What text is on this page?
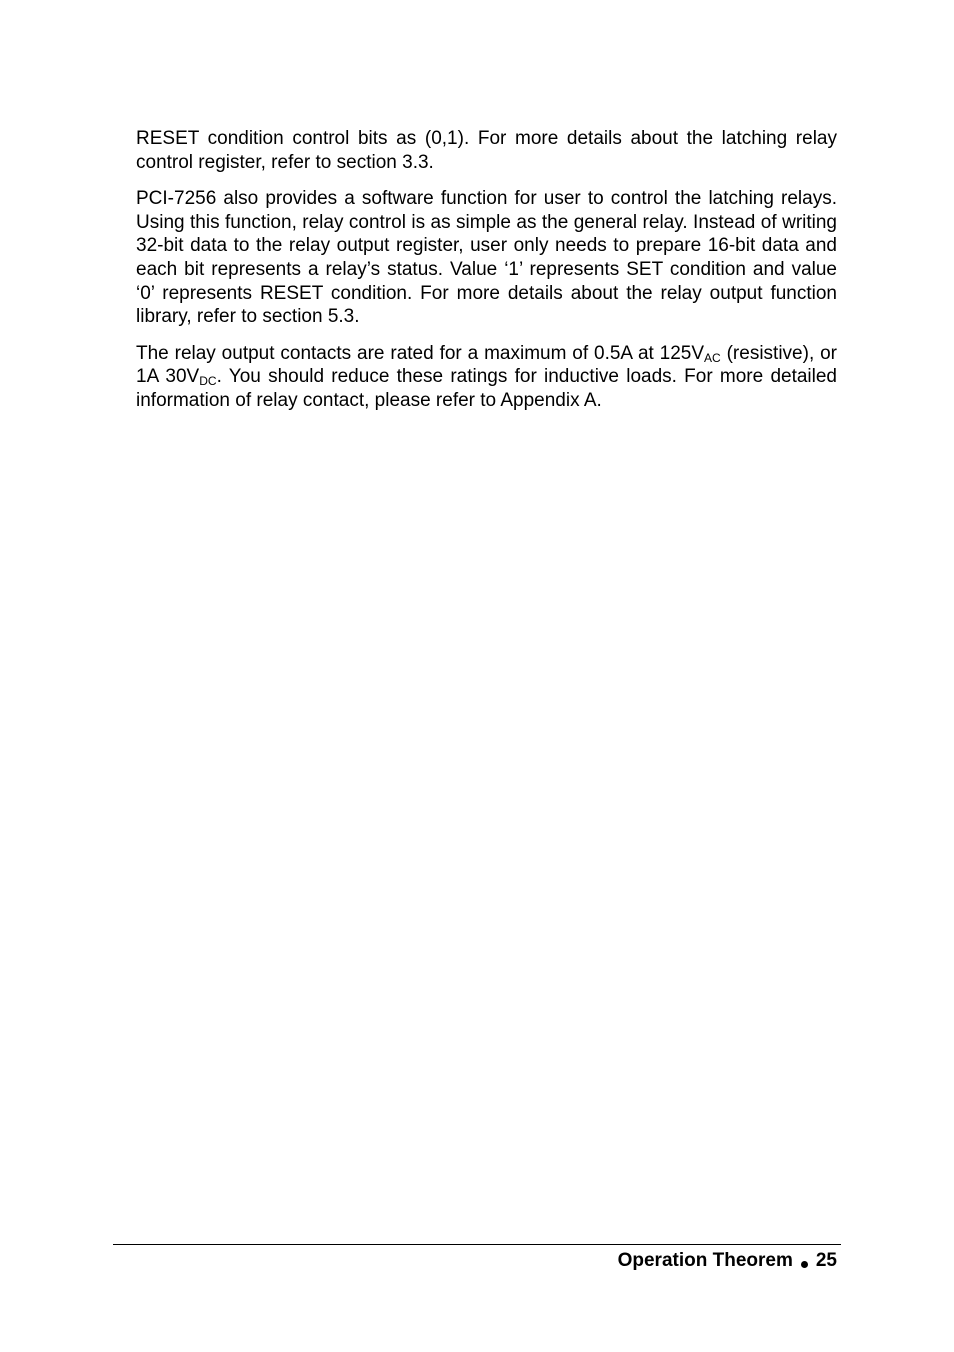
RESET condition control bits as (0,1). For more details about the latching relay control register, refer to section 3.3.

PCI-7256 also provides a software function for user to control the latching relays. Using this function, relay control is as simple as the general relay. Instead of writing 32-bit data to the relay output register, user only needs to prepare 16-bit data and each bit represents a relay’s status. Value ‘1’ represents SET condition and value ‘0’ represents RESET condition. For more details about the relay output function library, refer to section 5.3.

The relay output contacts are rated for a maximum of 0.5A at $125V_{AC}$ (resistive), or 1A $30V_{DC}$. You should reduce these ratings for inductive loads. For more detailed information of relay contact, please refer to Appendix A.

Operation Theorem 25
